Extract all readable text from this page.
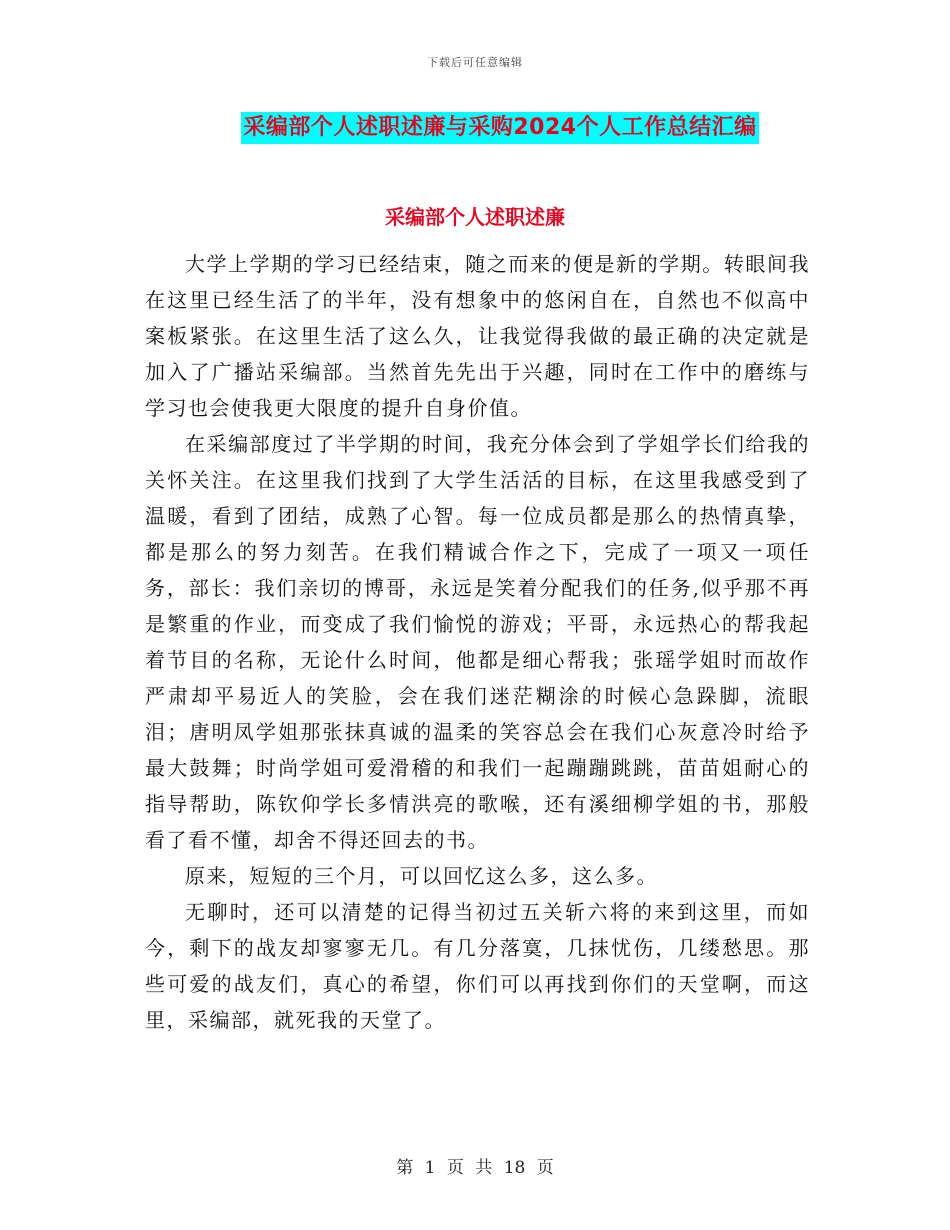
下载后可任意编辑
采编部个人述职述廉与采购2024个人工作总结汇编
采编部个人述职述廉

大学上学期的学习已经结束，随之而来的便是新的学期。转眼间我在这里已经生活了的半年，没有想象中的悠闲自在，自然也不似高中案板紧张。在这里生活了这么久，让我觉得我做的最正确的决定就是加入了广播站采编部。当然首先先出于兴趣，同时在工作中的磨练与学习也会使我更大限度的提升自身价值。

在采编部度过了半学期的时间，我充分体会到了学姐学长们给我的关怀关注。在这里我们找到了大学生活活的目标，在这里我感受到了温暖，看到了团结，成熟了心智。每一位成员都是那么的热情真挚，都是那么的努力刻苦。在我们精诚合作之下，完成了一项又一项任务，部长：我们亲切的博哥，永远是笑着分配我们的任务,似乎那不再是繁重的作业，而变成了我们愉悦的游戏；平哥，永远热心的帮我起着节目的名称，无论什么时间，他都是细心帮我；张瑶学姐时而故作严肃却平易近人的笑脸，会在我们迷茫糊涂的时候心急跺脚，流眼泪；唐明凤学姐那张抹真诚的温柔的笑容总会在我们心灰意冷时给予最大鼓舞；时尚学姐可爱滑稽的和我们一起蹦蹦跳跳，苗苗姐耐心的指导帮助，陈钦仰学长多情洪亮的歌喉，还有溪细柳学姐的书，那般看了看不懂，却舍不得还回去的书。

原来，短短的三个月，可以回忆这么多，这么多。

无聊时，还可以清楚的记得当初过五关斩六将的来到这里，而如今，剩下的战友却寥寥无几。有几分落寞，几抹忧伤，几缕愁思。那些可爱的战友们，真心的希望，你们可以再找到你们的天堂啊，而这里，采编部，就死我的天堂了。

第 1 页 共 18 页
